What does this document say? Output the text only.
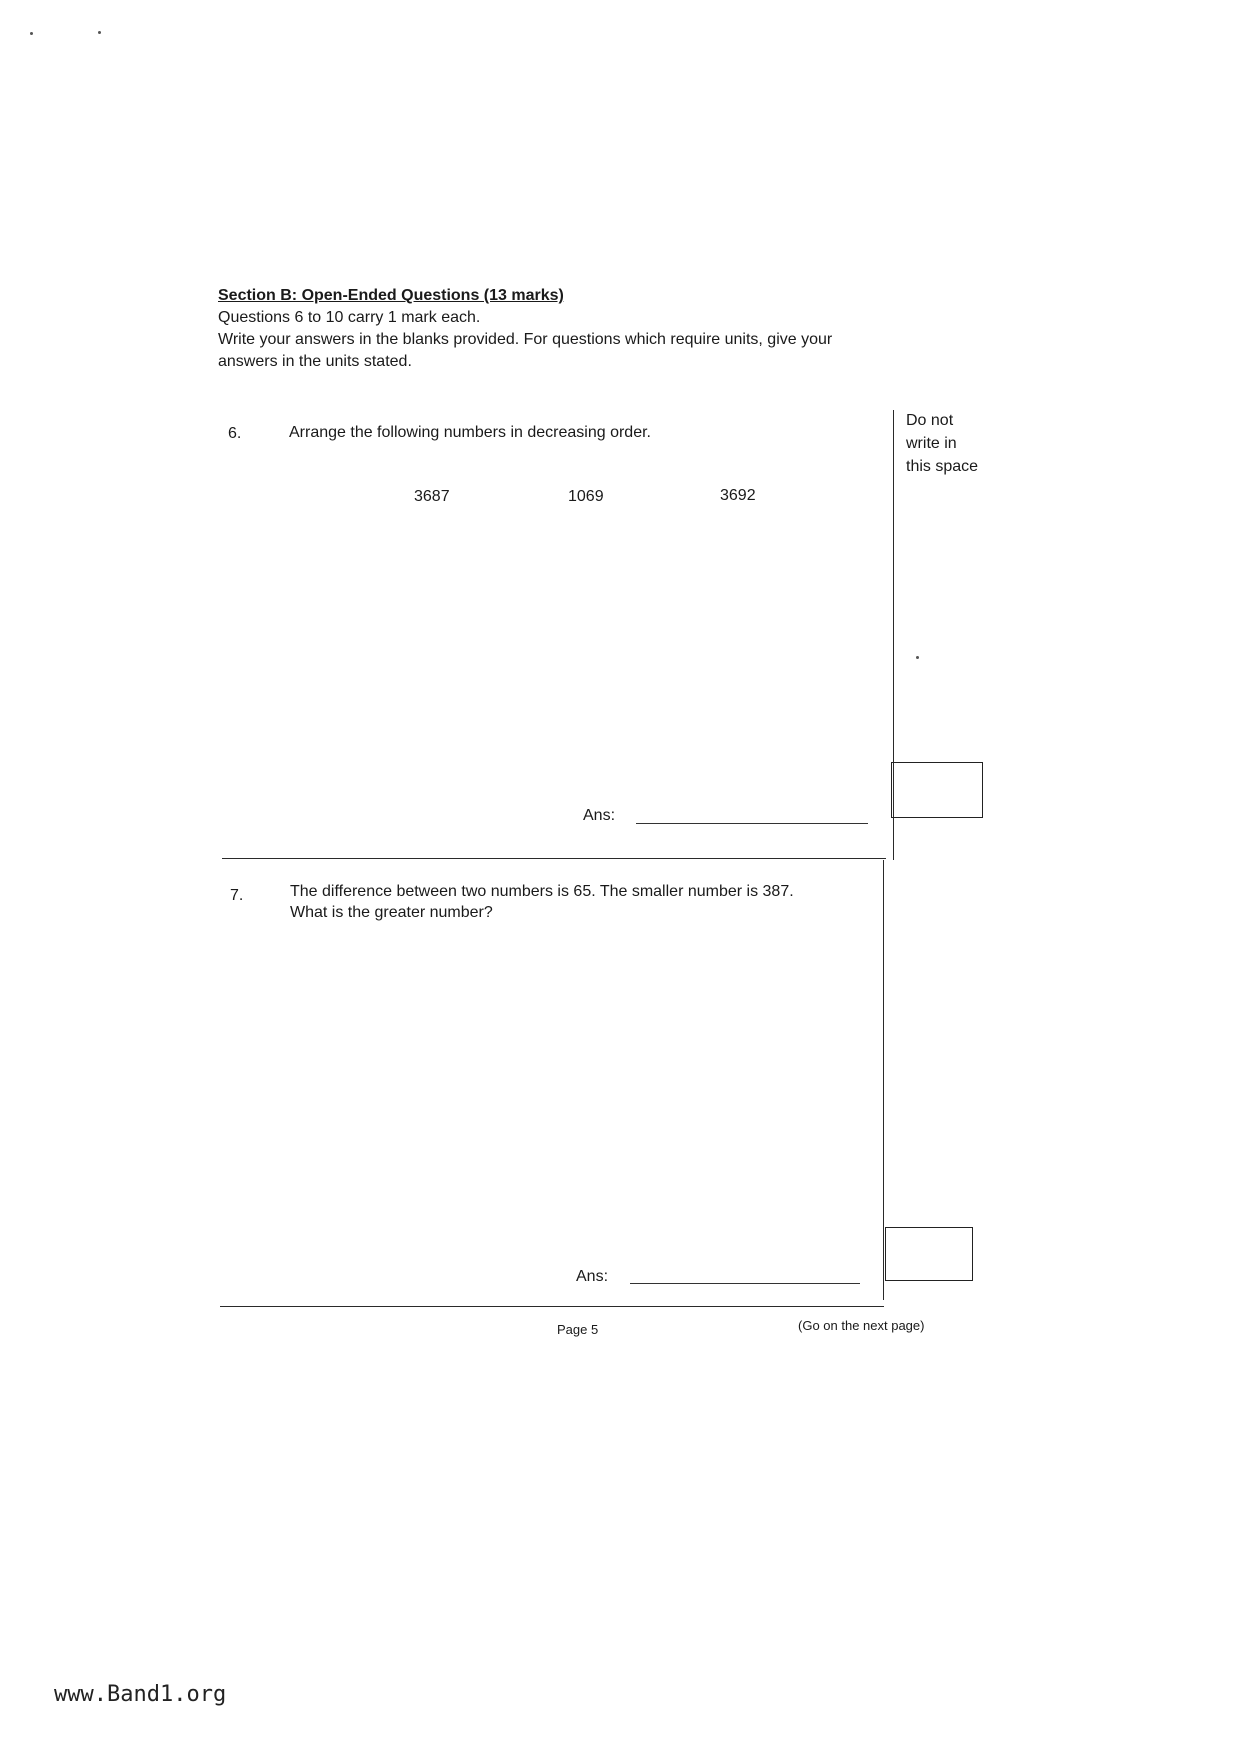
Section B: Open-Ended Questions (13 marks)
Questions 6 to 10 carry 1 mark each.
Write your answers in the blanks provided. For questions which require units, give your
answers in the units stated.
Do not
write in
this space
6.	Arrange the following numbers in decreasing order.
3687	1069	3692
Ans:
7.	The difference between two numbers is 65. The smaller number is 387.
What is the greater number?
Ans:
Page 5	(Go on the next page)
www.Band1.org
